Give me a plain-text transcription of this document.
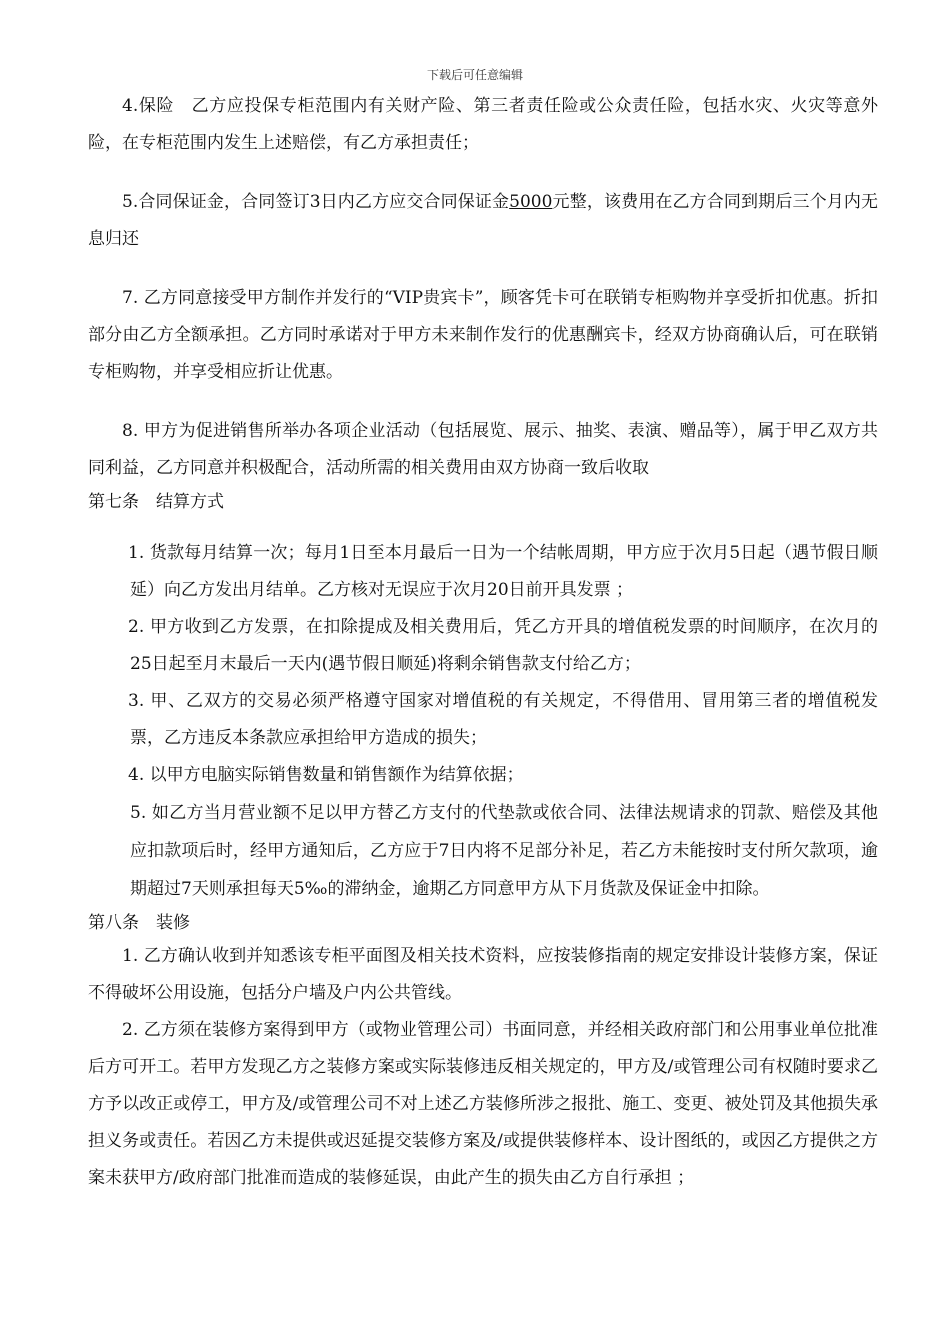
下载后可任意编辑

4.保险　乙方应投保专柜范围内有关财产险、第三者责任险或公众责任险，包括水灾、火灾等意外险，在专柜范围内发生上述赔偿，有乙方承担责任；

5.合同保证金，合同签订3日内乙方应交合同保证金5000元整，该费用在乙方合同到期后三个月内无息归还

7. 乙方同意接受甲方制作并发行的“VIP贵宾卡”，顾客凭卡可在联销专柜购物并享受折扣优惠。折扣部分由乙方全额承担。乙方同时承诺对于甲方未来制作发行的优惠酬宾卡，经双方协商确认后，可在联销专柜购物，并享受相应折让优惠。

8. 甲方为促进销售所举办各项企业活动（包括展览、展示、抽奖、表演、赠品等），属于甲乙双方共同利益，乙方同意并积极配合，活动所需的相关费用由双方协商一致后收取

第七条　结算方式

1. 货款每月结算一次；每月1日至本月最后一日为一个结帐周期，甲方应于次月5日起（遇节假日顺延）向乙方发出月结单。乙方核对无误应于次月20日前开具发票 ；

2. 甲方收到乙方发票，在扣除提成及相关费用后，凭乙方开具的增值税发票的时间顺序，在次月的25日起至月末最后一天内(遇节假日顺延)将剩余销售款支付给乙方；

3. 甲、乙双方的交易必须严格遵守国家对增值税的有关规定，不得借用、冒用第三者的增值税发票，乙方违反本条款应承担给甲方造成的损失；

4. 以甲方电脑实际销售数量和销售额作为结算依据；

5. 如乙方当月营业额不足以甲方替乙方支付的代垫款或依合同、法律法规请求的罚款、赔偿及其他应扣款项后时，经甲方通知后，乙方应于7日内将不足部分补足，若乙方未能按时支付所欠款项，逾期超过7天则承担每天5‰的滞纳金，逾期乙方同意甲方从下月货款及保证金中扣除。

第八条　装修

1. 乙方确认收到并知悉该专柜平面图及相关技术资料，应按装修指南的规定安排设计装修方案，保证不得破坏公用设施，包括分户墙及户内公共管线。

2. 乙方须在装修方案得到甲方（或物业管理公司）书面同意，并经相关政府部门和公用事业单位批准后方可开工。若甲方发现乙方之装修方案或实际装修违反相关规定的，甲方及/或管理公司有权随时要求乙方予以改正或停工，甲方及/或管理公司不对上述乙方装修所涉之报批、施工、变更、被处罚及其他损失承担义务或责任。若因乙方未提供或迟延提交装修方案及/或提供装修样本、设计图纸的，或因乙方提供之方案未获甲方/政府部门批准而造成的装修延误，由此产生的损失由乙方自行承担 ；
